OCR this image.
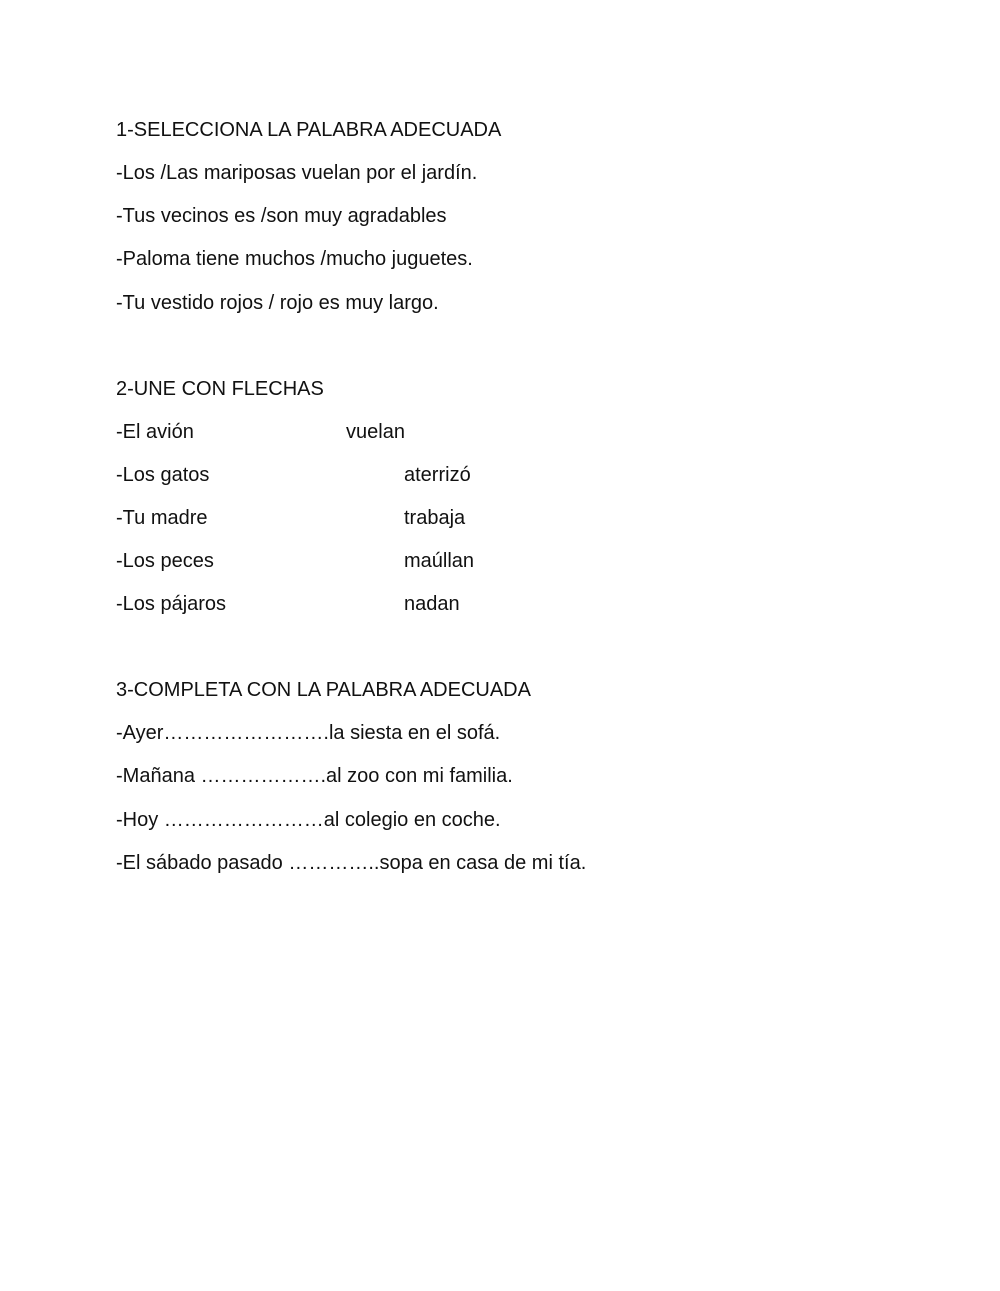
1-SELECCIONA LA PALABRA ADECUADA
-Los /Las mariposas vuelan por el jardín.
-Tus vecinos es /son muy agradables
-Paloma tiene muchos /mucho juguetes.
-Tu vestido rojos / rojo es muy largo.
2-UNE CON FLECHAS
-El avión	vuelan
-Los gatos	aterrizó
-Tu madre	trabaja
-Los peces	maúllan
-Los pájaros	nadan
3-COMPLETA CON LA PALABRA ADECUADA
-Ayer…………………….la siesta en el sofá.
-Mañana ……………….al zoo con mi familia.
-Hoy ……………………al colegio en coche.
-El sábado pasado …………..sopa en casa de mi tía.
